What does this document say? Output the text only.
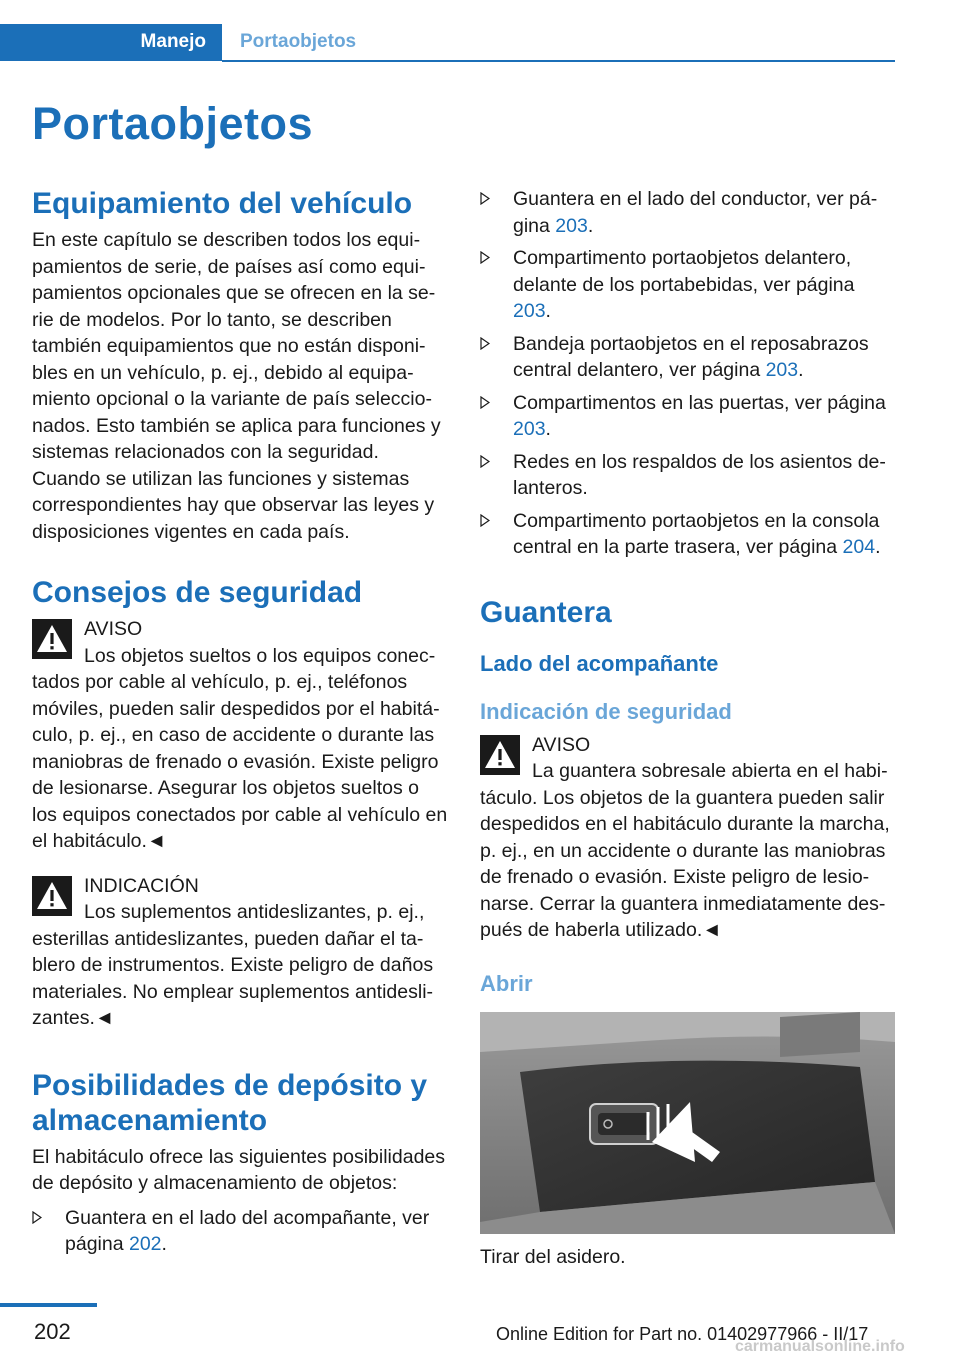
Manejo Portaobjetos
Portaobjetos
Equipamiento del vehículo

En este capítulo se describen todos los equipamientos de serie, de países así como equipamientos opcionales que se ofrecen en la serie de modelos. Por lo tanto, se describen también equipamientos que no están disponibles en un vehículo, p. ej., debido al equipamiento opcional o la variante de país seleccionados. Esto también se aplica para funciones y sistemas relacionados con la seguridad. Cuando se utilizan las funciones y sistemas correspondientes hay que observar las leyes y disposiciones vigentes en cada país.

Consejos de seguridad

AVISO
Los objetos sueltos o los equipos conectados por cable al vehículo, p. ej., teléfonos móviles, pueden salir despedidos por el habitáculo, p. ej., en caso de accidente o durante las maniobras de frenado o evasión. Existe peligro de lesionarse. Asegurar los objetos sueltos o los equipos conectados por cable al vehículo en el habitáculo.◄

INDICACIÓN
Los suplementos antideslizantes, p. ej., esterillas antideslizantes, pueden dañar el tablero de instrumentos. Existe peligro de daños materiales. No emplear suplementos antideslizantes.◄

Posibilidades de depósito y almacenamiento

El habitáculo ofrece las siguientes posibilidades de depósito y almacenamiento de objetos:

Guantera en el lado del acompañante, ver página 202.
Guantera en el lado del conductor, ver página 203.
Compartimento portaobjetos delantero, delante de los portabebidas, ver página 203.
Bandeja portaobjetos en el reposabrazos central delantero, ver página 203.
Compartimentos en las puertas, ver página 203.
Redes en los respaldos de los asientos delanteros.
Compartimento portaobjetos en la consola central en la parte trasera, ver página 204.
Guantera
Lado del acompañante
Indicación de seguridad

AVISO
La guantera sobresale abierta en el habitáculo. Los objetos de la guantera pueden salir despedidos en el habitáculo durante la marcha, p. ej., en un accidente o durante las maniobras de frenado o evasión. Existe peligro de lesionarse. Cerrar la guantera inmediatamente después de haberla utilizado.◄

Abrir

Tirar del asidero.

202	Online Edition for Part no. 01402977966 - II/17
carmanualsonline.info
